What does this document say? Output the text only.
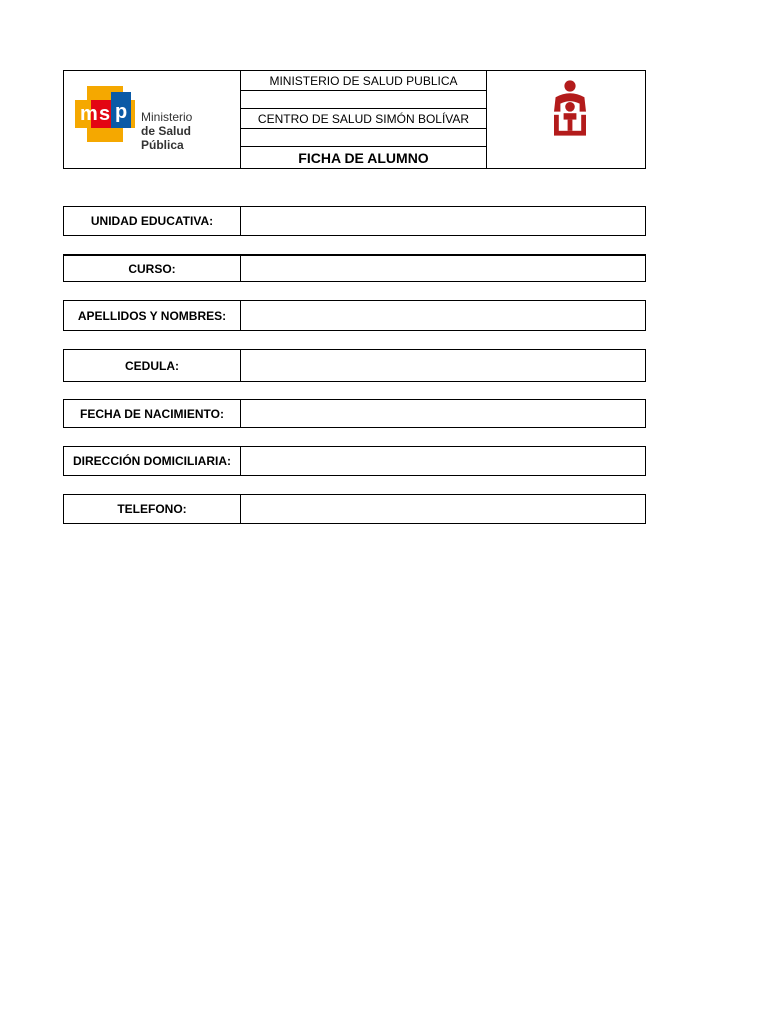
m s p Ministerio
de Salud Pública
MINISTERIO DE SALUD PUBLICA
CENTRO DE SALUD SIMÓN BOLÍVAR
FICHA DE ALUMNO
UNIDAD EDUCATIVA:
CURSO:
APELLIDOS Y NOMBRES:
CEDULA:
FECHA DE NACIMIENTO:
DIRECCIÓN DOMICILIARIA:
TELEFONO:
